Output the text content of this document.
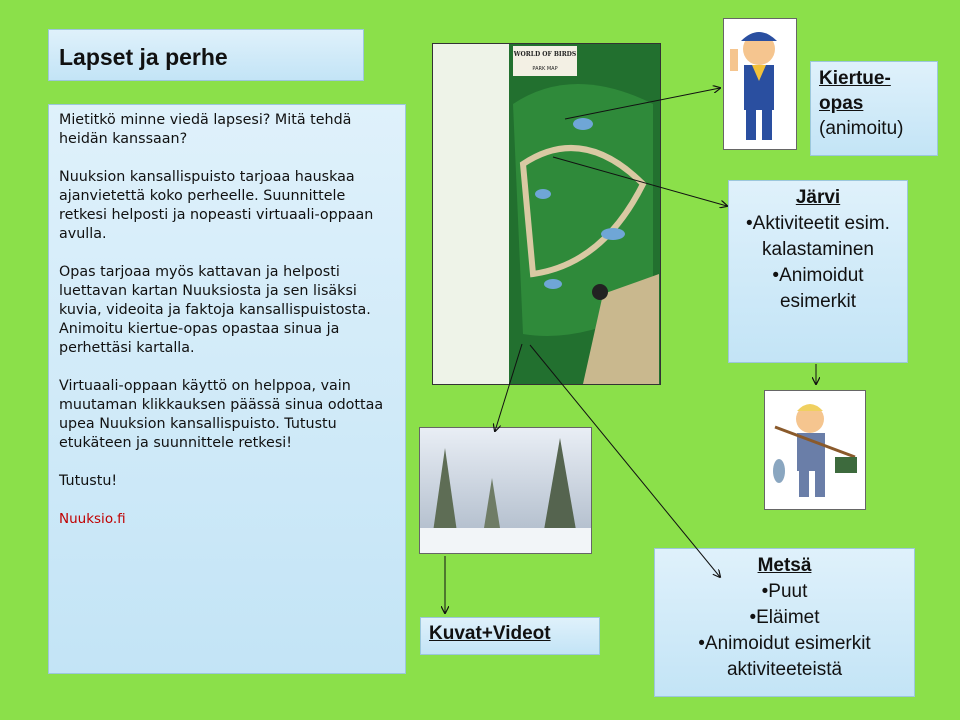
Lapset ja perhe

Mietitkö minne viedä lapsesi? Mitä tehdä heidän kanssaan?

Nuuksion kansallispuisto tarjoaa hauskaa ajanvietettä koko perheelle. Suunnittele retkesi helposti ja nopeasti virtuaali-oppaan avulla.

Opas tarjoaa myös kattavan ja helposti luettavan kartan Nuuksiosta ja sen lisäksi kuvia, videoita ja faktoja kansallispuistosta. Animoitu kiertue-opas opastaa sinua ja perhettäsi kartalla.

Virtuaali-oppaan käyttö on helppoa, vain muutaman klikkauksen päässä sinua odottaa upea Nuuksion kansallispuisto. Tutustu etukäteen ja suunnittele retkesi!

Tutustu!

Nuuksio.fi

WORLD OF BIRDS
PARK MAP	Kiertue-opas
(animoitu)
Järvi
•Aktiviteetit esim. kalastaminen
•Animoidut esimerkit
Kuvat+Videot
Metsä
•Puut
•Eläimet
•Animoidut esimerkit aktiviteeteistä
